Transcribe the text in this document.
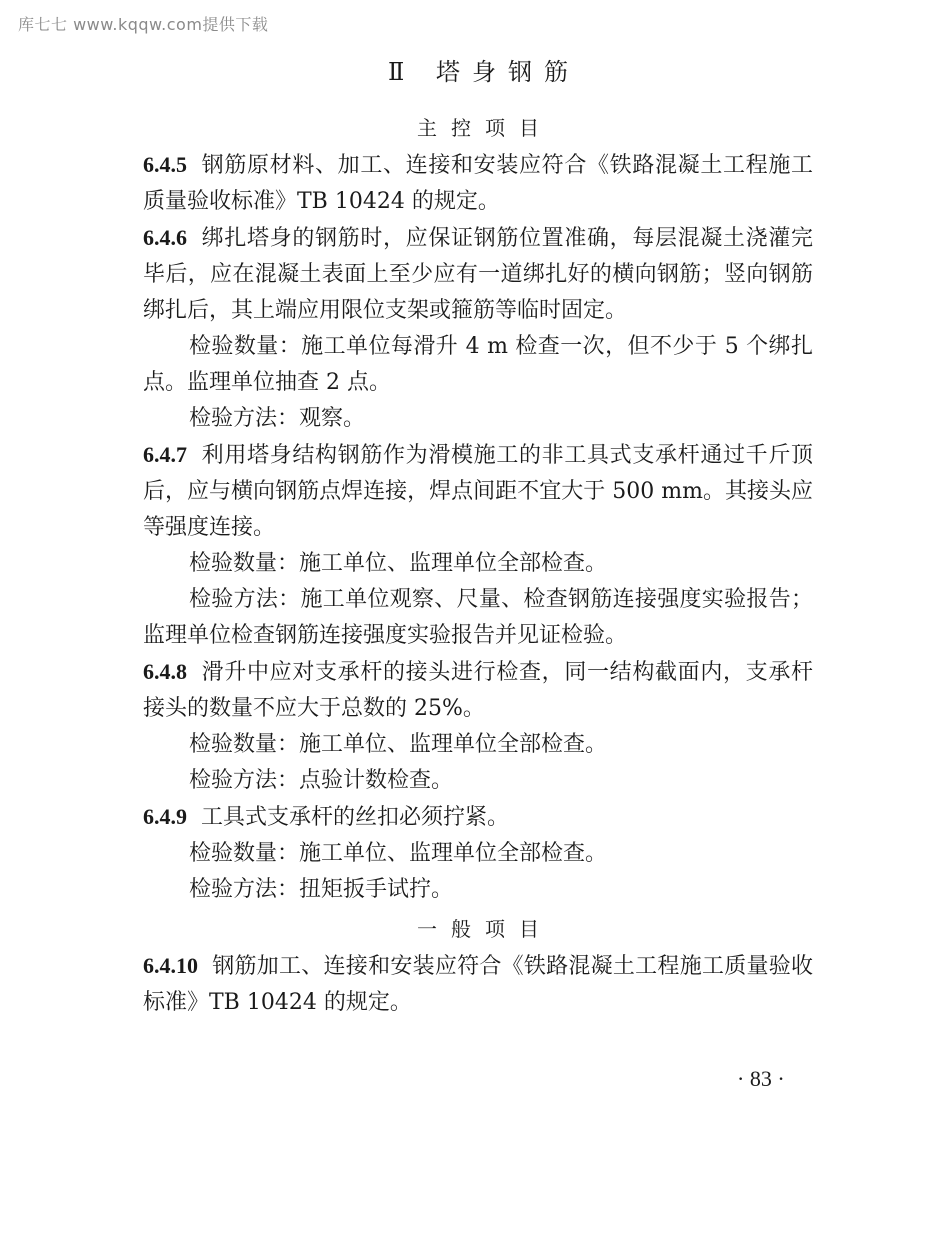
库七七 www.kqqw.com提供下载
Ⅱ 塔身钢筋
主控项目

6.4.5 钢筋原材料、加工、连接和安装应符合《铁路混凝土工程施工质量验收标准》TB 10424 的规定。

6.4.6 绑扎塔身的钢筋时，应保证钢筋位置准确，每层混凝土浇灌完毕后，应在混凝土表面上至少应有一道绑扎好的横向钢筋；竖向钢筋绑扎后，其上端应用限位支架或箍筋等临时固定。

检验数量：施工单位每滑升 4 m 检查一次，但不少于 5 个绑扎点。监理单位抽查 2 点。

检验方法：观察。

6.4.7 利用塔身结构钢筋作为滑模施工的非工具式支承杆通过千斤顶后，应与横向钢筋点焊连接，焊点间距不宜大于 500 mm。其接头应等强度连接。

检验数量：施工单位、监理单位全部检查。

检验方法：施工单位观察、尺量、检查钢筋连接强度实验报告；监理单位检查钢筋连接强度实验报告并见证检验。

6.4.8 滑升中应对支承杆的接头进行检查，同一结构截面内，支承杆接头的数量不应大于总数的 25%。

检验数量：施工单位、监理单位全部检查。

检验方法：点验计数检查。

6.4.9 工具式支承杆的丝扣必须拧紧。

检验数量：施工单位、监理单位全部检查。

检验方法：扭矩扳手试拧。

一般项目

6.4.10 钢筋加工、连接和安装应符合《铁路混凝土工程施工质量验收标准》TB 10424 的规定。

· 83 ·
